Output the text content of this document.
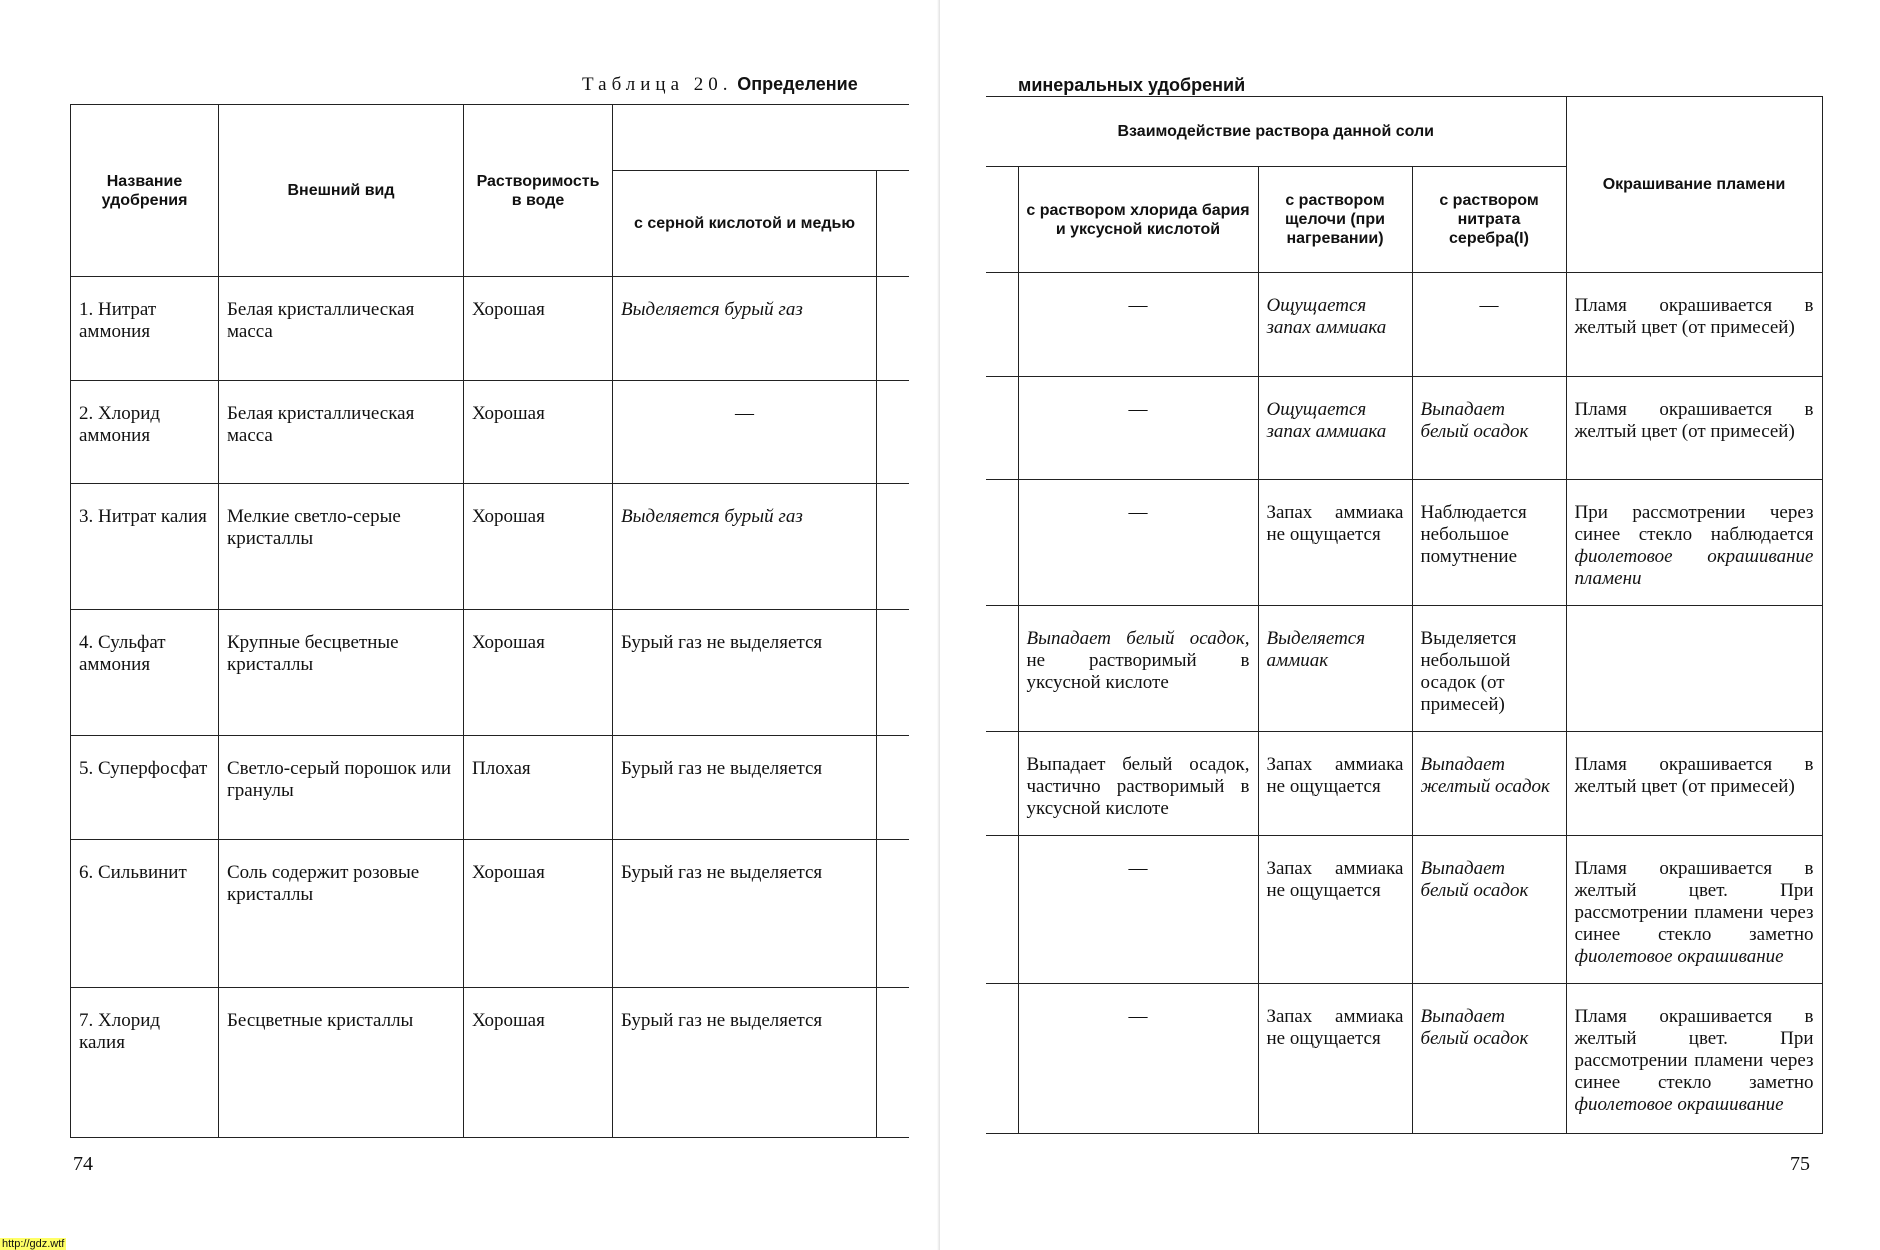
Таблица 20. Определение
Название удобрения	Внешний вид	Растворимость в воде		
			с серной кислотой и медью	
1. Нитрат аммония	Белая кристаллическая масса	Хорошая	Выделяется бурый газ	
2. Хлорид аммония	Белая кристаллическая масса	Хорошая	—	
3. Нитрат калия	Мелкие светло-серые кристаллы	Хорошая	Выделяется бурый газ	
4. Сульфат аммония	Крупные бесцветные кристаллы	Хорошая	Бурый газ не выделяется	
5. Суперфосфат	Светло-серый порошок или гранулы	Плохая	Бурый газ не выделяется	
6. Сильвинит	Соль содержит розовые кристаллы	Хорошая	Бурый газ не выделяется	
7. Хлорид калия	Бесцветные кристаллы	Хорошая	Бурый газ не выделяется	
74
минеральных удобрений
Взаимодействие раствора данной соли				Окрашивание пламени
	с раствором хлорида бария и уксусной кислотой	с раствором щелочи (при нагревании)	с раствором нитрата серебра(I)	
	—	Ощущается запах аммиака	—	Пламя окрашивается в желтый цвет (от примесей)
	—	Ощущается запах аммиака	Выпадает белый осадок	Пламя окрашивается в желтый цвет (от примесей)
	—	Запах аммиака не ощущается	Наблюдается небольшое помутнение	При рассмотрении через синее стекло наблюдается фиолетовое окрашивание пламени
	Выпадает белый осадок, не растворимый в уксусной кислоте	Выделяется аммиак	Выделяется небольшой осадок (от примесей)	
	Выпадает белый осадок, частично растворимый в уксусной кислоте	Запах аммиака не ощущается	Выпадает желтый осадок	Пламя окрашивается в желтый цвет (от примесей)
	—	Запах аммиака не ощущается	Выпадает белый осадок	Пламя окрашивается в желтый цвет. При рассмотрении пламени через синее стекло заметно фиолетовое окрашивание
	—	Запах аммиака не ощущается	Выпадает белый осадок	Пламя окрашивается в желтый цвет. При рассмотрении пламени через синее стекло заметно фиолетовое окрашивание
75
http://gdz.wtf
